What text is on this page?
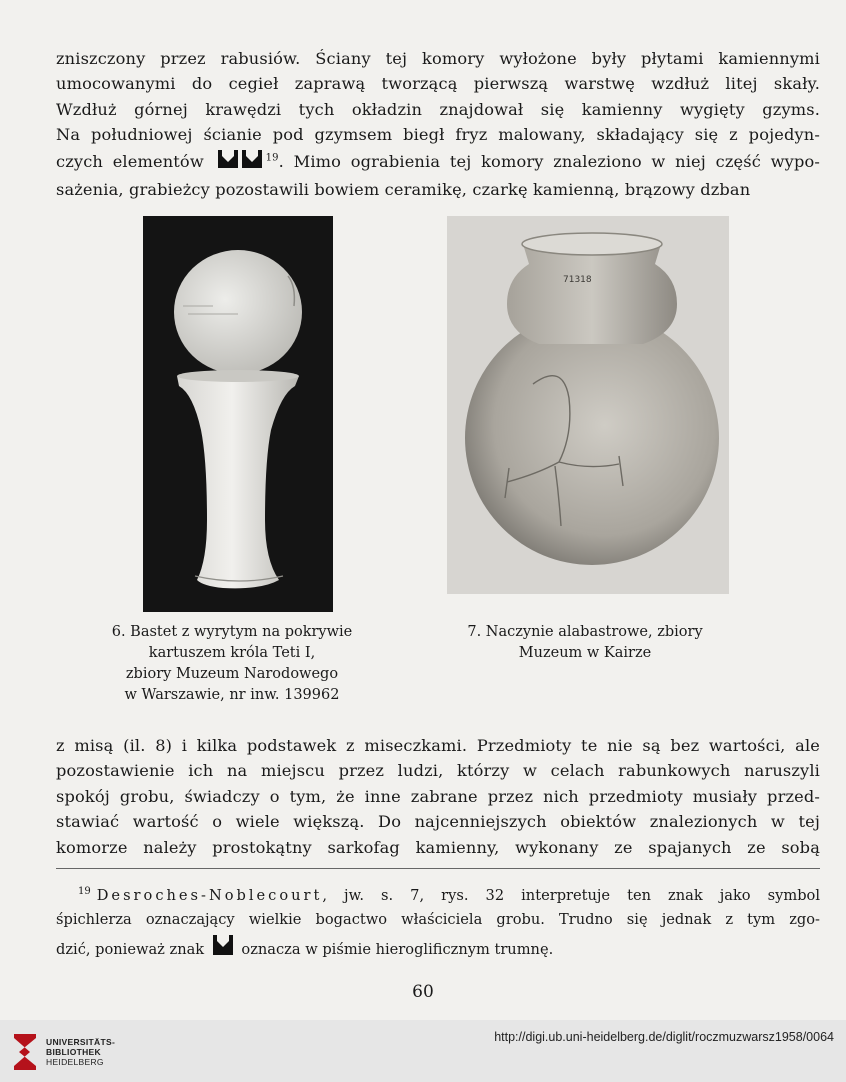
zniszczony przez rabusiów. Ściany tej komory wyłożone były płytami kamiennymi
umocowanymi do cegieł zaprawą tworzącą pierwszą warstwę wzdłuż litej skały.
Wzdłuż górnej krawędzi tych okładzin znajdował się kamienny wygięty gzyms.
Na południowej ścianie pod gzymsem biegł fryz malowany, składający się z pojedyn-
czych elementów	$^{19}$. Mimo ograbienia tej komory znaleziono w niej część wypo-
sażenia, grabieżcy pozostawili bowiem ceramikę, czarkę kamienną, brązowy dzban
71318
6. Bastet z wyrytym na pokrywie
kartuszem króla Teti I,
zbiory Muzeum Narodowego
w Warszawie, nr inw. 139962
7. Naczynie alabastrowe, zbiory
Muzeum w Kairze
z misą (il. 8) i kilka podstawek z miseczkami. Przedmioty te nie są bez wartości, ale
pozostawienie ich na miejscu przez ludzi, którzy w celach rabunkowych naruszyli
spokój grobu, świadczy o tym, że inne zabrane przez nich przedmioty musiały przed-
stawiać wartość o wiele większą. Do najcenniejszych obiektów znalezionych w tej
komorze należy prostokątny sarkofag kamienny, wykonany ze spajanych ze sobą
$^{19}$ Desroches-Noblecourt, jw. s. 7, rys. 32 interpretuje ten znak jako symbol
śpichlerza oznaczający wielkie bogactwo właściciela grobu. Trudno się jednak z tym zgo-
dzić, ponieważ znak	oznacza w piśmie hieroglificznym trumnę.
60
UNIVERSITÄTS-
BIBLIOTHEK
HEIDELBERG
http://digi.ub.uni-heidelberg.de/diglit/roczmuzwarsz1958/0064
